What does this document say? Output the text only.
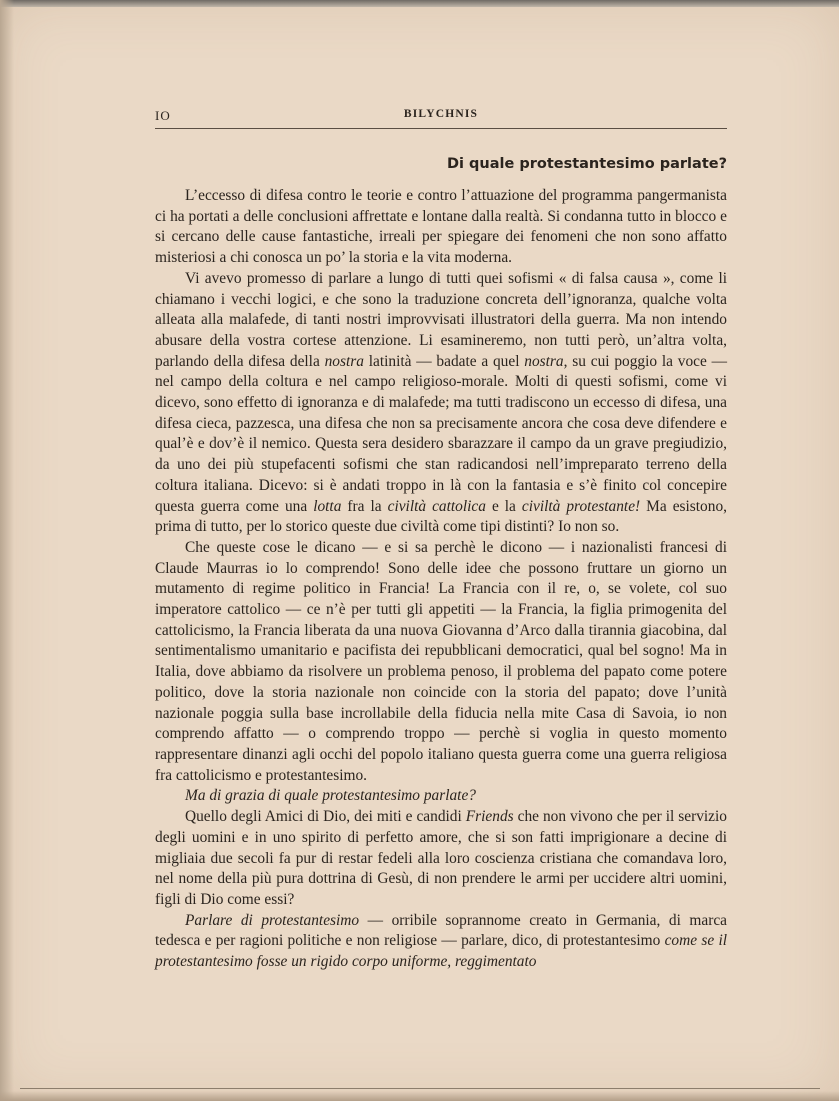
IO	BILYCHNIS
Di quale protestantesimo parlate?

L’eccesso di difesa contro le teorie e contro l’attuazione del programma pangermanista ci ha portati a delle conclusioni affrettate e lontane dalla realtà. Si condanna tutto in blocco e si cercano delle cause fantastiche, irreali per spiegare dei fenomeni che non sono affatto misteriosi a chi conosca un po’ la storia e la vita moderna.

Vi avevo promesso di parlare a lungo di tutti quei sofismi « di falsa causa », come li chiamano i vecchi logici, e che sono la traduzione concreta dell’ignoranza, qualche volta alleata alla malafede, di tanti nostri improvvisati illustratori della guerra. Ma non intendo abusare della vostra cortese attenzione. Li esamineremo, non tutti però, un’altra volta, parlando della difesa della nostra latinità — badate a quel nostra, su cui poggio la voce — nel campo della coltura e nel campo religioso-morale. Molti di questi sofismi, come vi dicevo, sono effetto di ignoranza e di malafede; ma tutti tradiscono un eccesso di difesa, una difesa cieca, pazzesca, una difesa che non sa precisamente ancora che cosa deve difendere e qual’è e dov’è il nemico. Questa sera desidero sbarazzare il campo da un grave pregiudizio, da uno dei più stupefacenti sofismi che stan radicandosi nell’impreparato terreno della coltura italiana. Dicevo: si è andati troppo in là con la fantasia e s’è finito col concepire questa guerra come una lotta fra la civiltà cattolica e la civiltà protestante! Ma esistono, prima di tutto, per lo storico queste due civiltà come tipi distinti? Io non so.

Che queste cose le dicano — e si sa perchè le dicono — i nazionalisti francesi di Claude Maurras io lo comprendo! Sono delle idee che possono fruttare un giorno un mutamento di regime politico in Francia! La Francia con il re, o, se volete, col suo imperatore cattolico — ce n’è per tutti gli appetiti — la Francia, la figlia primogenita del cattolicismo, la Francia liberata da una nuova Giovanna d’Arco dalla tirannia giacobina, dal sentimentalismo umanitario e pacifista dei repubblicani democratici, qual bel sogno! Ma in Italia, dove abbiamo da risolvere un problema penoso, il problema del papato come potere politico, dove la storia nazionale non coincide con la storia del papato; dove l’unità nazionale poggia sulla base incrollabile della fiducia nella mite Casa di Savoia, io non comprendo affatto — o comprendo troppo — perchè si voglia in questo momento rappresentare dinanzi agli occhi del popolo italiano questa guerra come una guerra religiosa fra cattolicismo e protestantesimo.

Ma di grazia di quale protestantesimo parlate?

Quello degli Amici di Dio, dei miti e candidi Friends che non vivono che per il servizio degli uomini e in uno spirito di perfetto amore, che si son fatti imprigionare a decine di migliaia due secoli fa pur di restar fedeli alla loro coscienza cristiana che comandava loro, nel nome della più pura dottrina di Gesù, di non prendere le armi per uccidere altri uomini, figli di Dio come essi?

Parlare di protestantesimo — orribile soprannome creato in Germania, di marca tedesca e per ragioni politiche e non religiose — parlare, dico, di protestantesimo come se il protestantesimo fosse un rigido corpo uniforme, reggimentato
